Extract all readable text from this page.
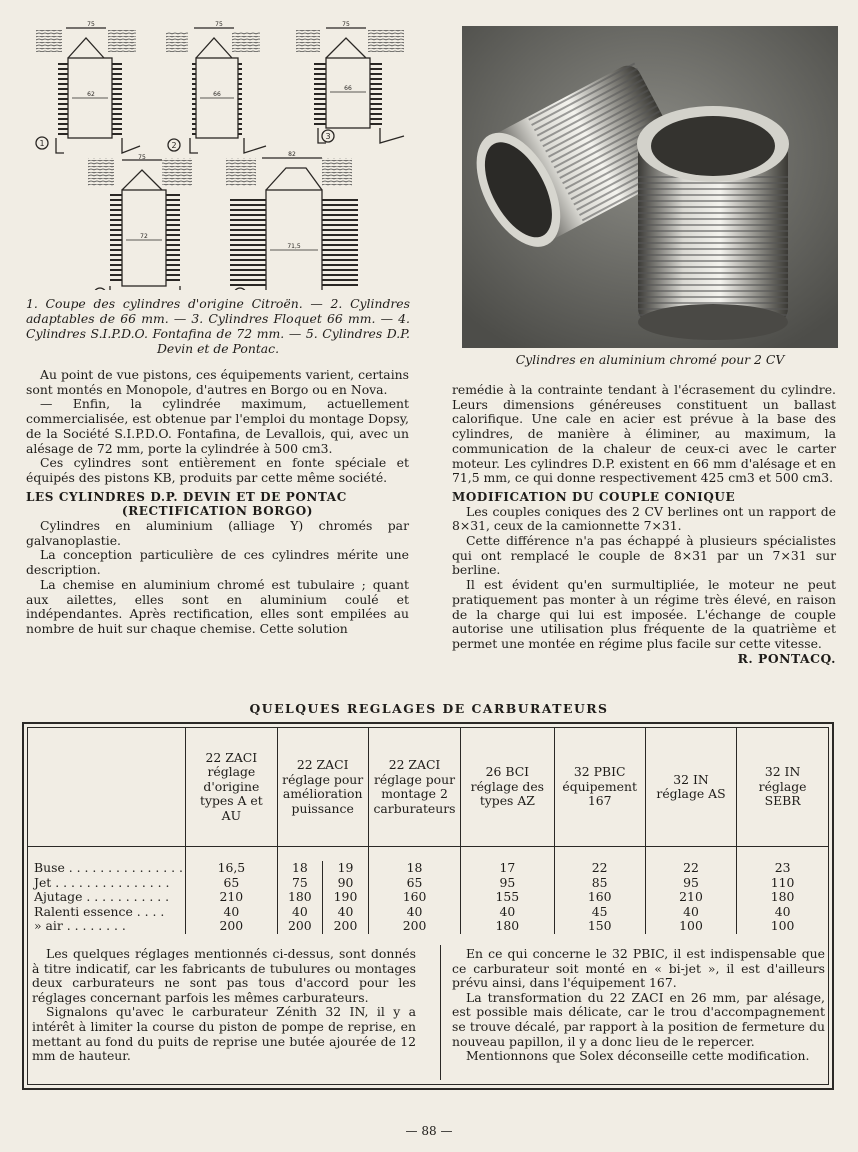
75	75	75
75	82
62	66
66
72
71,5
1	2
3
1. Coupe des cylindres d'origine Citroën. — 2. Cylindres adaptables de 66 mm. — 3. Cylindres Floquet 66 mm. — 4. Cylindres S.I.P.D.O. Fontafina de 72 mm. — 5. Cylindres D.P. Devin et de Pontac.
Cylindres en aluminium chromé pour 2 CV

Au point de vue pistons, ces équipements varient, certains sont montés en Monopole, d'autres en Borgo ou en Nova.

— Enfin, la cylindrée maximum, actuellement commercialisée, est obtenue par l'emploi du montage Dopsy, de la Société S.I.P.D.O. Fontafina, de Levallois, qui, avec un alésage de 72 mm, porte la cylindrée à 500 cm3.

Ces cylindres sont entièrement en fonte spéciale et équipés des pistons KB, produits par cette même société.

LES CYLINDRES D.P. DEVIN ET DE PONTAC
(RECTIFICATION BORGO)

Cylindres en aluminium (alliage Y) chromés par galvanoplastie.

La conception particulière de ces cylindres mérite une description.

La chemise en aluminium chromé est tubulaire ; quant aux ailettes, elles sont en aluminium coulé et indépendantes. Après rectification, elles sont empilées au nombre de huit sur chaque chemise. Cette solution

remédie à la contrainte tendant à l'écrasement du cylindre. Leurs dimensions généreuses constituent un ballast calorifique. Une cale en acier est prévue à la base des cylindres, de manière à éliminer, au maximum, la communication de la chaleur de ceux-ci avec le carter moteur. Les cylindres D.P. existent en 66 mm d'alésage et en 71,5 mm, ce qui donne respectivement 425 cm3 et 500 cm3.

MODIFICATION DU COUPLE CONIQUE

Les couples coniques des 2 CV berlines ont un rapport de 8×31, ceux de la camionnette 7×31.

Cette différence n'a pas échappé à plusieurs spécialistes qui ont remplacé le couple de 8×31 par un 7×31 sur berline.

Il est évident qu'en surmultipliée, le moteur ne peut pratiquement pas monter à un régime très élevé, en raison de la charge qui lui est imposée. L'échange de couple autorise une utilisation plus fréquente de la quatrième et permet une montée en régime plus facile sur cette vitesse.

R. PONTACQ.

QUELQUES REGLAGES DE CARBURATEURS
	22 ZACI réglage d'origine types A et AU	22 ZACI réglage pour amélioration puissance	22 ZACI réglage pour montage 2 carburateurs	26 BCI réglage des types AZ	32 PBIC équipement 167	32 IN réglage AS	32 IN réglage SEBR
Buse . . . . . . . . . . . . . . .	16,5	18 19	18	17	22	22	23
Jet . . . . . . . . . . . . . . .	65	75 90	65	95	85	95	110
Ajutage . . . . . . . . . . .	210	180 190	160	155	160	210	180
Ralenti essence . . . .	40	40 40	40	40	45	40	40
» air . . . . . . . .	200	200 200	200	180	150	100	100

Les quelques réglages mentionnés ci-dessus, sont donnés à titre indicatif, car les fabricants de tubulures ou montages deux carburateurs ne sont pas tous d'accord pour les réglages concernant parfois les mêmes carburateurs.

Signalons qu'avec le carburateur Zénith 32 IN, il y a intérêt à limiter la course du piston de pompe de reprise, en mettant au fond du puits de reprise une butée ajourée de 12 mm de hauteur.

En ce qui concerne le 32 PBIC, il est indispensable que ce carburateur soit monté en « bi-jet », il est d'ailleurs prévu ainsi, dans l'équipement 167.

La transformation du 22 ZACI en 26 mm, par alésage, est possible mais délicate, car le trou d'accompagnement se trouve décalé, par rapport à la position de fermeture du nouveau papillon, il y a donc lieu de le repercer.

Mentionnons que Solex déconseille cette modification.

— 88 —
